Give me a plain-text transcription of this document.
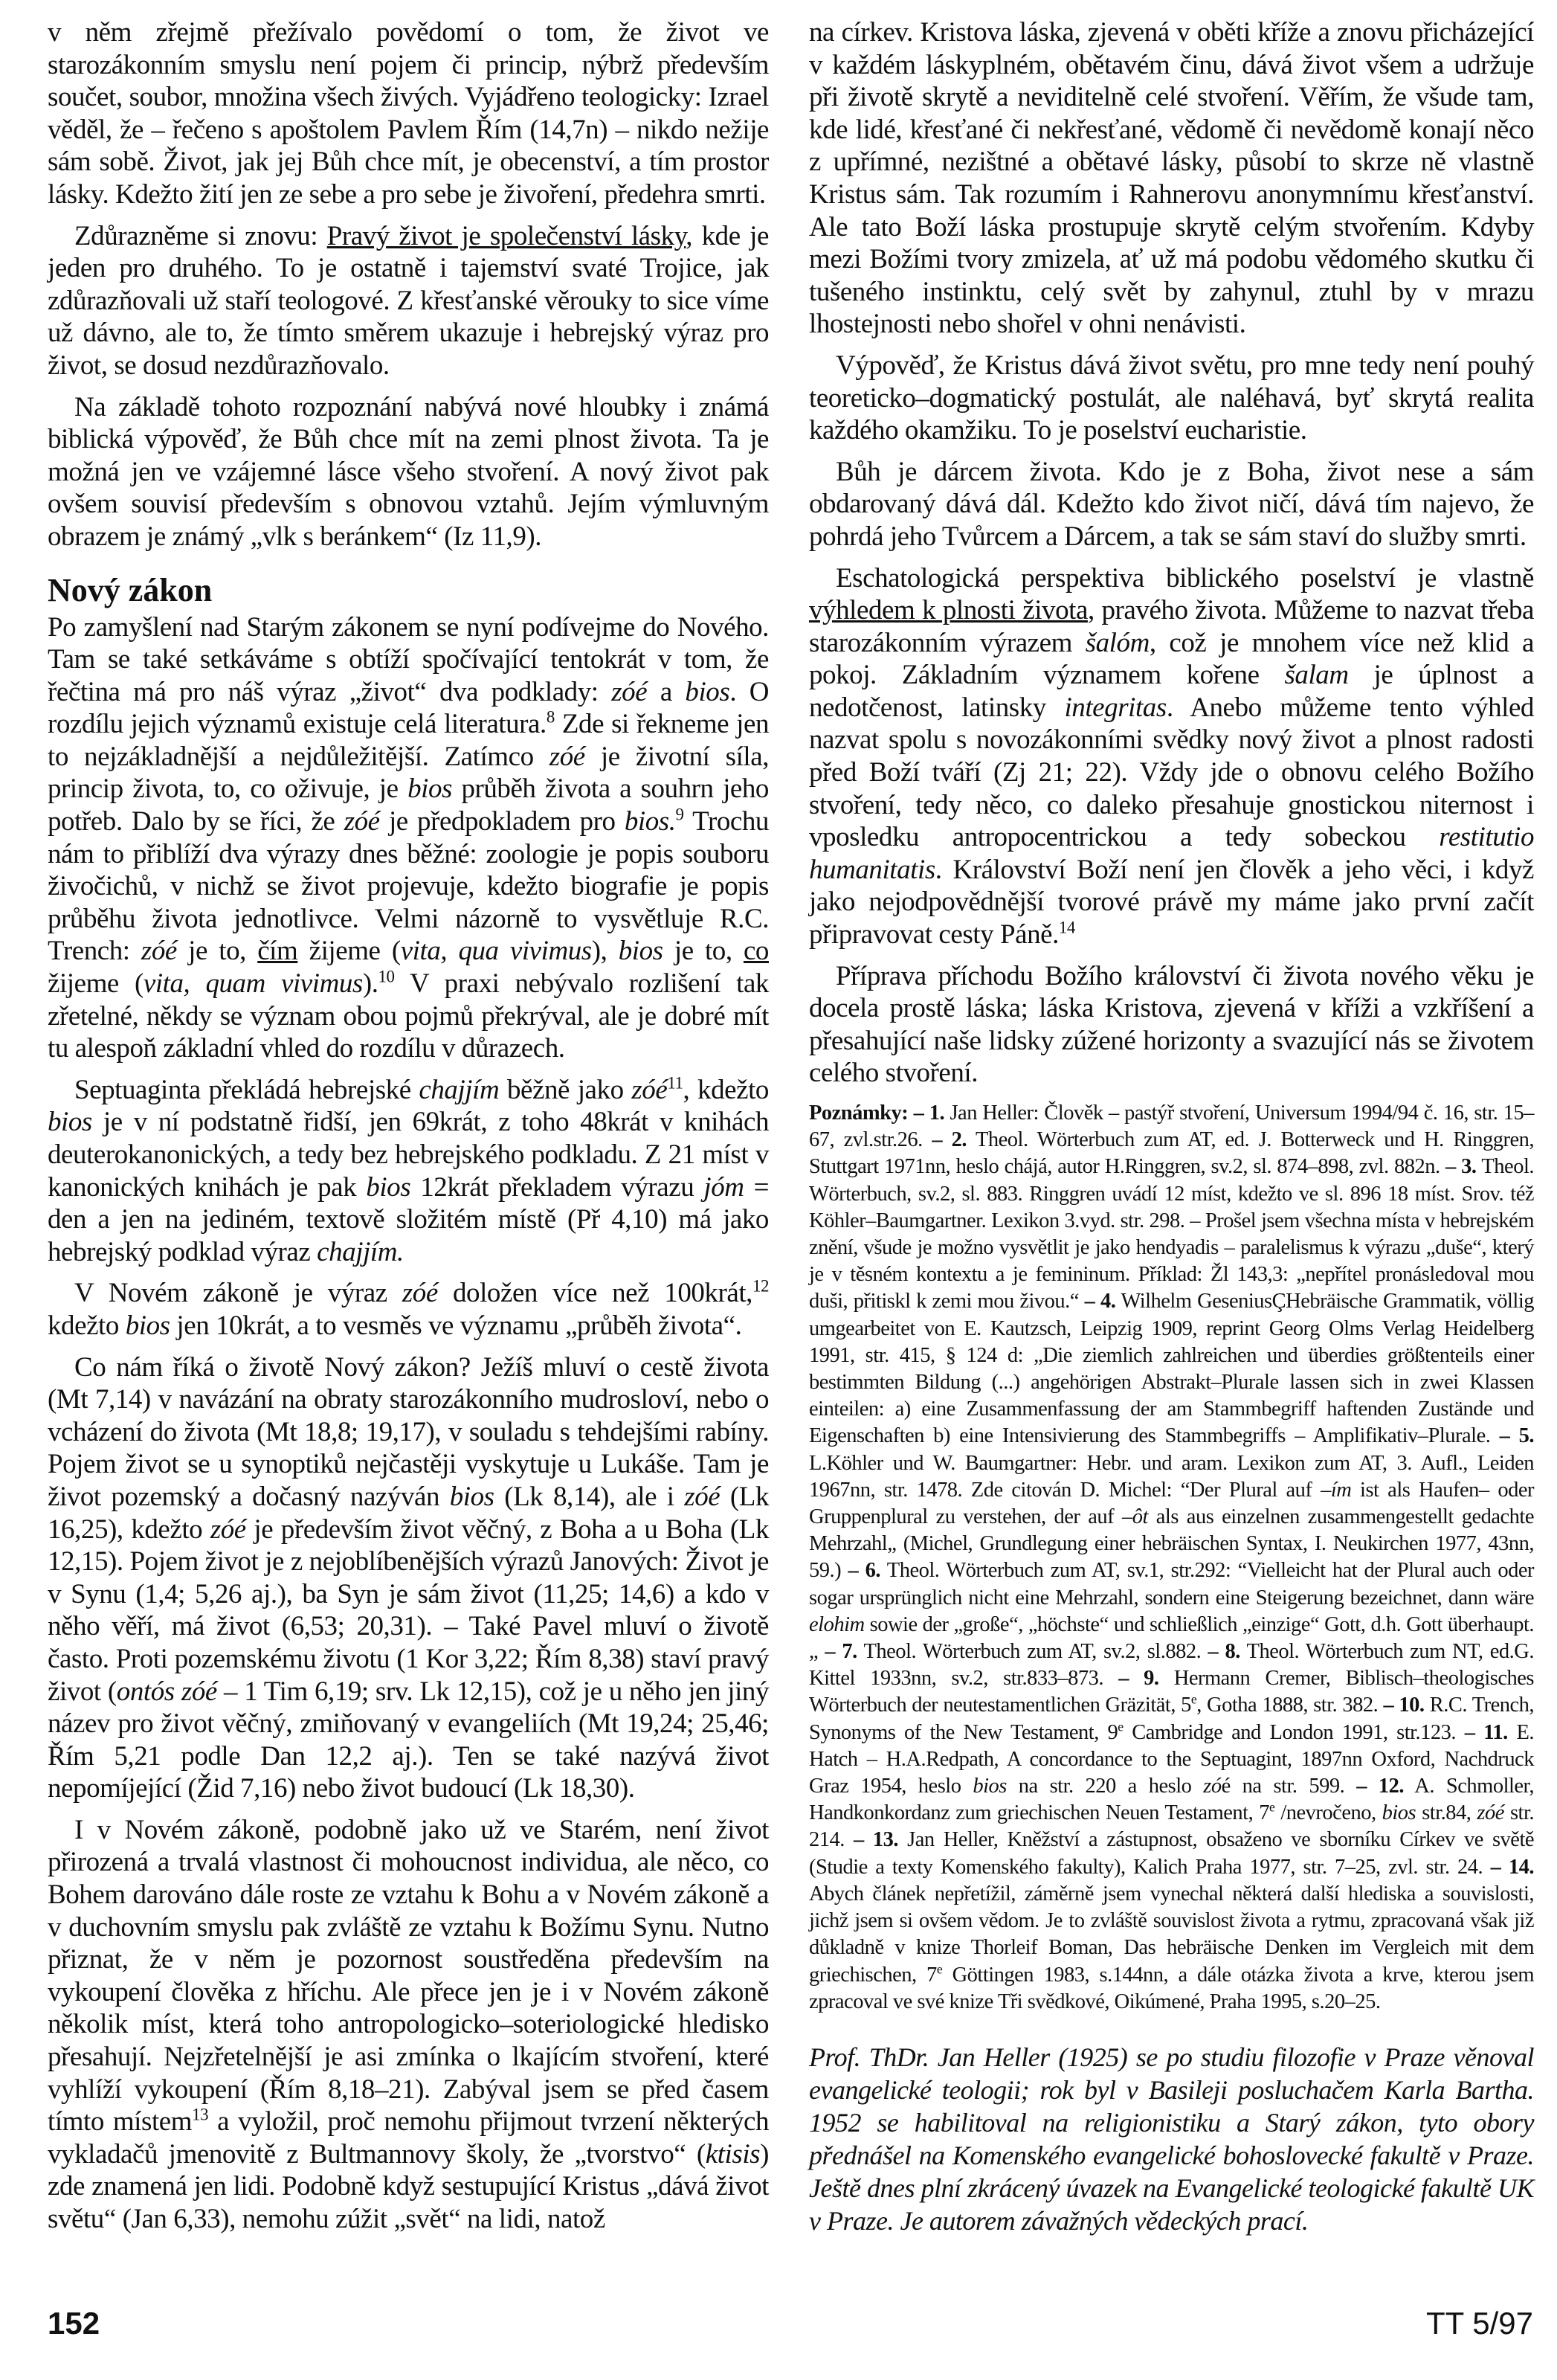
v něm zřejmě přežívalo povědomí o tom, že život ve starozákonním smyslu není pojem či princip, nýbrž především součet, soubor, množina všech živých. Vyjádřeno teologicky: Izrael věděl, že – řečeno s apoštolem Pavlem Řím (14,7n) – nikdo nežije sám sobě. Život, jak jej Bůh chce mít, je obecenství, a tím prostor lásky. Kdežto žití jen ze sebe a pro sebe je živoření, předehra smrti.

Zdůrazněme si znovu: Pravý život je společenství lásky, kde je jeden pro druhého. To je ostatně i tajemství svaté Trojice, jak zdůrazňovali už staří teologové. Z křesťanské věrouky to sice víme už dávno, ale to, že tímto směrem ukazuje i hebrejský výraz pro život, se dosud nezdůrazňovalo.

Na základě tohoto rozpoznání nabývá nové hloubky i známá biblická výpověď, že Bůh chce mít na zemi plnost života. Ta je možná jen ve vzájemné lásce všeho stvoření. A nový život pak ovšem souvisí především s obnovou vztahů. Jejím výmluvným obrazem je známý „vlk s beránkem“ (Iz 11,9).

Nový zákon

Po zamyšlení nad Starým zákonem se nyní podívejme do Nového. Tam se také setkáváme s obtíží spočívající tentokrát v tom, že řečtina má pro náš výraz „život“ dva podklady: zóé a bios. O rozdílu jejich významů existuje celá literatura.$^8$ Zde si řekneme jen to nejzákladnější a nejdůležitější. Zatímco zóé je životní síla, princip života, to, co oživuje, je bios průběh života a souhrn jeho potřeb. Dalo by se říci, že zóé je předpokladem pro bios.$^9$ Trochu nám to přiblíží dva výrazy dnes běžné: zoologie je popis souboru živočichů, v nichž se život projevuje, kdežto biografie je popis průběhu života jednotlivce. Velmi názorně to vysvětluje R.C. Trench: zóé je to, čím žijeme (vita, qua vivimus), bios je to, co žijeme (vita, quam vivimus).$^{10}$ V praxi nebývalo rozlišení tak zřetelné, někdy se význam obou pojmů překrýval, ale je dobré mít tu alespoň základní vhled do rozdílu v důrazech.

Septuaginta překládá hebrejské chajjím běžně jako zóé$^{11}$, kdežto bios je v ní podstatně řidší, jen 69krát, z toho 48krát v knihách deuterokanonických, a tedy bez hebrejského podkladu. Z 21 míst v kanonických knihách je pak bios 12krát překladem výrazu jóm = den a jen na jediném, textově složitém místě (Př 4,10) má jako hebrejský podklad výraz chajjím.

V Novém zákoně je výraz zóé doložen více než 100krát,$^{12}$ kdežto bios jen 10krát, a to vesměs ve významu „průběh života“.

Co nám říká o životě Nový zákon? Ježíš mluví o cestě života (Mt 7,14) v navázání na obraty starozákonního mudrosloví, nebo o vcházení do života (Mt 18,8; 19,17), v souladu s tehdejšími rabíny. Pojem život se u synoptiků nejčastěji vyskytuje u Lukáše. Tam je život pozemský a dočasný nazýván bios (Lk 8,14), ale i zóé (Lk 16,25), kdežto zóé je především život věčný, z Boha a u Boha (Lk 12,15). Pojem život je z nejoblíbenějších výrazů Janových: Život je v Synu (1,4; 5,26 aj.), ba Syn je sám život (11,25; 14,6) a kdo v něho věří, má život (6,53; 20,31). – Také Pavel mluví o životě často. Proti pozemskému životu (1 Kor 3,22; Řím 8,38) staví pravý život (ontós zóé – 1 Tim 6,19; srv. Lk 12,15), což je u něho jen jiný název pro život věčný, zmiňovaný v evangeliích (Mt 19,24; 25,46; Řím 5,21 podle Dan 12,2 aj.). Ten se také nazývá život nepomíjející (Žid 7,16) nebo život budoucí (Lk 18,30).

I v Novém zákoně, podobně jako už ve Starém, není život přirozená a trvalá vlastnost či mohoucnost individua, ale něco, co Bohem darováno dále roste ze vztahu k Bohu a v Novém zákoně a v duchovním smyslu pak zvláště ze vztahu k Božímu Synu. Nutno přiznat, že v něm je pozornost soustředěna především na vykoupení člověka z hříchu. Ale přece jen je i v Novém zákoně několik míst, která toho antropologicko–soteriologické hledisko přesahují. Nejzřetelnější je asi zmínka o lkajícím stvoření, které vyhlíží vykoupení (Řím 8,18–21). Zabýval jsem se před časem tímto místem$^{13}$ a vyložil, proč nemohu přijmout tvrzení některých vykladačů jmenovitě z Bultmannovy školy, že „tvorstvo“ (ktisis) zde znamená jen lidi. Podobně když sestupující Kristus „dává život světu“ (Jan 6,33), nemohu zúžit „svět“ na lidi, natož

na církev. Kristova láska, zjevená v oběti kříže a znovu přicházející v každém láskyplném, obětavém činu, dává život všem a udržuje při životě skrytě a neviditelně celé stvoření. Věřím, že všude tam, kde lidé, křesťané či nekřesťané, vědomě či nevědomě konají něco z upřímné, nezištné a obětavé lásky, působí to skrze ně vlastně Kristus sám. Tak rozumím i Rahnerovu anonymnímu křesťanství. Ale tato Boží láska prostupuje skrytě celým stvořením. Kdyby mezi Božími tvory zmizela, ať už má podobu vědomého skutku či tušeného instinktu, celý svět by zahynul, ztuhl by v mrazu lhostejnosti nebo shořel v ohni nenávisti.

Výpověď, že Kristus dává život světu, pro mne tedy není pouhý teoreticko–dogmatický postulát, ale naléhavá, byť skrytá realita každého okamžiku. To je poselství eucharistie.

Bůh je dárcem života. Kdo je z Boha, život nese a sám obdarovaný dává dál. Kdežto kdo život ničí, dává tím najevo, že pohrdá jeho Tvůrcem a Dárcem, a tak se sám staví do služby smrti.

Eschatologická perspektiva biblického poselství je vlastně výhledem k plnosti života, pravého života. Můžeme to nazvat třeba starozákonním výrazem šalóm, což je mnohem více než klid a pokoj. Základním významem kořene šalam je úplnost a nedotčenost, latinsky integritas. Anebo můžeme tento výhled nazvat spolu s novozákonními svědky nový život a plnost radosti před Boží tváří (Zj 21; 22). Vždy jde o obnovu celého Božího stvoření, tedy něco, co daleko přesahuje gnostickou niternost i vposledku antropocentrickou a tedy sobeckou restitutio humanitatis. Království Boží není jen člověk a jeho věci, i když jako nejodpovědnější tvorové právě my máme jako první začít připravovat cesty Páně.$^{14}$

Příprava příchodu Božího království či života nového věku je docela prostě láska; láska Kristova, zjevená v kříži a vzkříšení a přesahující naše lidsky zúžené horizonty a svazující nás se životem celého stvoření.

Poznámky: – 1. Jan Heller: Člověk – pastýř stvoření, Universum 1994/94 č. 16, str. 15–67, zvl.str.26. – 2. Theol. Wörterbuch zum AT, ed. J. Botterweck und H. Ringgren, Stuttgart 1971nn, heslo chájá, autor H.Ringgren, sv.2, sl. 874–898, zvl. 882n. – 3. Theol. Wörterbuch, sv.2, sl. 883. Ringgren uvádí 12 míst, kdežto ve sl. 896 18 míst. Srov. též Köhler–Baumgartner. Lexikon 3.vyd. str. 298. – Prošel jsem všechna místa v hebrejském znění, všude je možno vysvětlit je jako hendyadis – paralelismus k výrazu „duše“, který je v těsném kontextu a je femininum. Příklad: Žl 143,3: „nepřítel pronásledoval mou duši, přitiskl k zemi mou živou.“ – 4. Wilhelm GeseniusÇHebräische Grammatik, völlig umgearbeitet von E. Kautzsch, Leipzig 1909, reprint Georg Olms Verlag Heidelberg 1991, str. 415, § 124 d: „Die ziemlich zahlreichen und überdies größtenteils einer bestimmten Bildung (...) angehörigen Abstrakt–Plurale lassen sich in zwei Klassen einteilen: a) eine Zusammenfassung der am Stammbegriff haftenden Zustände und Eigenschaften b) eine Intensivierung des Stammbegriffs – Amplifikativ–Plurale. – 5. L.Köhler und W. Baumgartner: Hebr. und aram. Lexikon zum AT, 3. Aufl., Leiden 1967nn, str. 1478. Zde citován D. Michel: “Der Plural auf –ím ist als Haufen– oder Gruppenplural zu verstehen, der auf –ôt als aus einzelnen zusammengestellt gedachte Mehrzahl„ (Michel, Grundlegung einer hebräischen Syntax, I. Neukirchen 1977, 43nn, 59.) – 6. Theol. Wörterbuch zum AT, sv.1, str.292: “Vielleicht hat der Plural auch oder sogar ursprünglich nicht eine Mehrzahl, sondern eine Steigerung bezeichnet, dann wäre elohim sowie der „große“, „höchste“ und schließlich „einzige“ Gott, d.h. Gott überhaupt.„ – 7. Theol. Wörterbuch zum AT, sv.2, sl.882. – 8. Theol. Wörterbuch zum NT, ed.G. Kittel 1933nn, sv.2, str.833–873. – 9. Hermann Cremer, Biblisch–theologisches Wörterbuch der neutestamentlichen Gräzität, 5e, Gotha 1888, str. 382. – 10. R.C. Trench, Synonyms of the New Testament, 9e Cambridge and London 1991, str.123. – 11. E. Hatch – H.A.Redpath, A concordance to the Septuagint, 1897nn Oxford, Nachdruck Graz 1954, heslo bios na str. 220 a heslo zóé na str. 599. – 12. A. Schmoller, Handkonkordanz zum griechischen Neuen Testament, 7e /nevročeno, bios str.84, zóé str. 214. – 13. Jan Heller, Kněžství a zástupnost, obsaženo ve sborníku Církev ve světě (Studie a texty Komenského fakulty), Kalich Praha 1977, str. 7–25, zvl. str. 24. – 14. Abych článek nepřetížil, záměrně jsem vynechal některá další hlediska a souvislosti, jichž jsem si ovšem vědom. Je to zvláště souvislost života a rytmu, zpracovaná však již důkladně v knize Thorleif Boman, Das hebräische Denken im Vergleich mit dem griechischen, 7e Göttingen 1983, s.144nn, a dále otázka života a krve, kterou jsem zpracoval ve své knize Tři svědkové, Oikúmené, Praha 1995, s.20–25.

Prof. ThDr. Jan Heller (1925) se po studiu filozofie v Praze věnoval evangelické teologii; rok byl v Basileji posluchačem Karla Bartha. 1952 se habilitoval na religionistiku a Starý zákon, tyto obory přednášel na Komenského evangelické bohoslovecké fakultě v Praze. Ještě dnes plní zkrácený úvazek na Evangelické teologické fakultě UK v Praze. Je autorem závažných vědeckých prací.

152	TT 5/97
